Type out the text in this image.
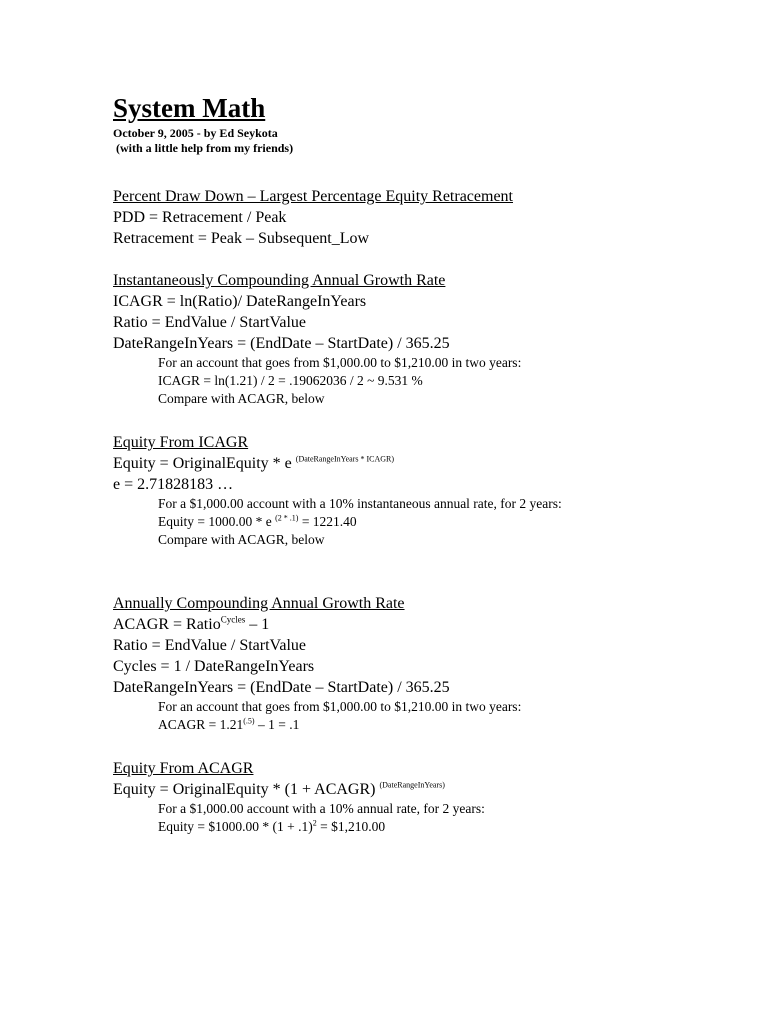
System Math
October 9, 2005 - by Ed Seykota
(with a little help from my friends)
Percent Draw Down – Largest Percentage Equity Retracement
PDD = Retracement / Peak
Retracement = Peak – Subsequent_Low
Instantaneously Compounding Annual Growth Rate
ICAGR = ln(Ratio)/ DateRangeInYears
Ratio = EndValue / StartValue
DateRangeInYears = (EndDate – StartDate) / 365.25
For an account that goes from $1,000.00 to $1,210.00 in two years:
ICAGR = ln(1.21) / 2 = .19062036 / 2 ~ 9.531 %
Compare with ACAGR, below
Equity From ICAGR
Equity = OriginalEquity * e $^{(DateRangeInYears * ICAGR)}$
e = 2.71828183 …
For a $1,000.00 account with a 10% instantaneous annual rate, for 2 years:
Equity = 1000.00 * e $^{(2 * .1)}$ = 1221.40
Compare with ACAGR, below
Annually Compounding Annual Growth Rate
ACAGR = Ratio$^{Cycles}$ – 1
Ratio = EndValue / StartValue
Cycles = 1 / DateRangeInYears
DateRangeInYears = (EndDate – StartDate) / 365.25
For an account that goes from $1,000.00 to $1,210.00 in two years:
ACAGR = $1.21^{(.5)} - 1 = .1$
Equity From ACAGR
Equity = OriginalEquity * (1 + ACAGR) $^{(DateRangeInYears)}$
For a $1,000.00 account with a 10% annual rate, for 2 years:
Equity = $1000.00 * $(1 + .1)^2$ = $1,210.00
